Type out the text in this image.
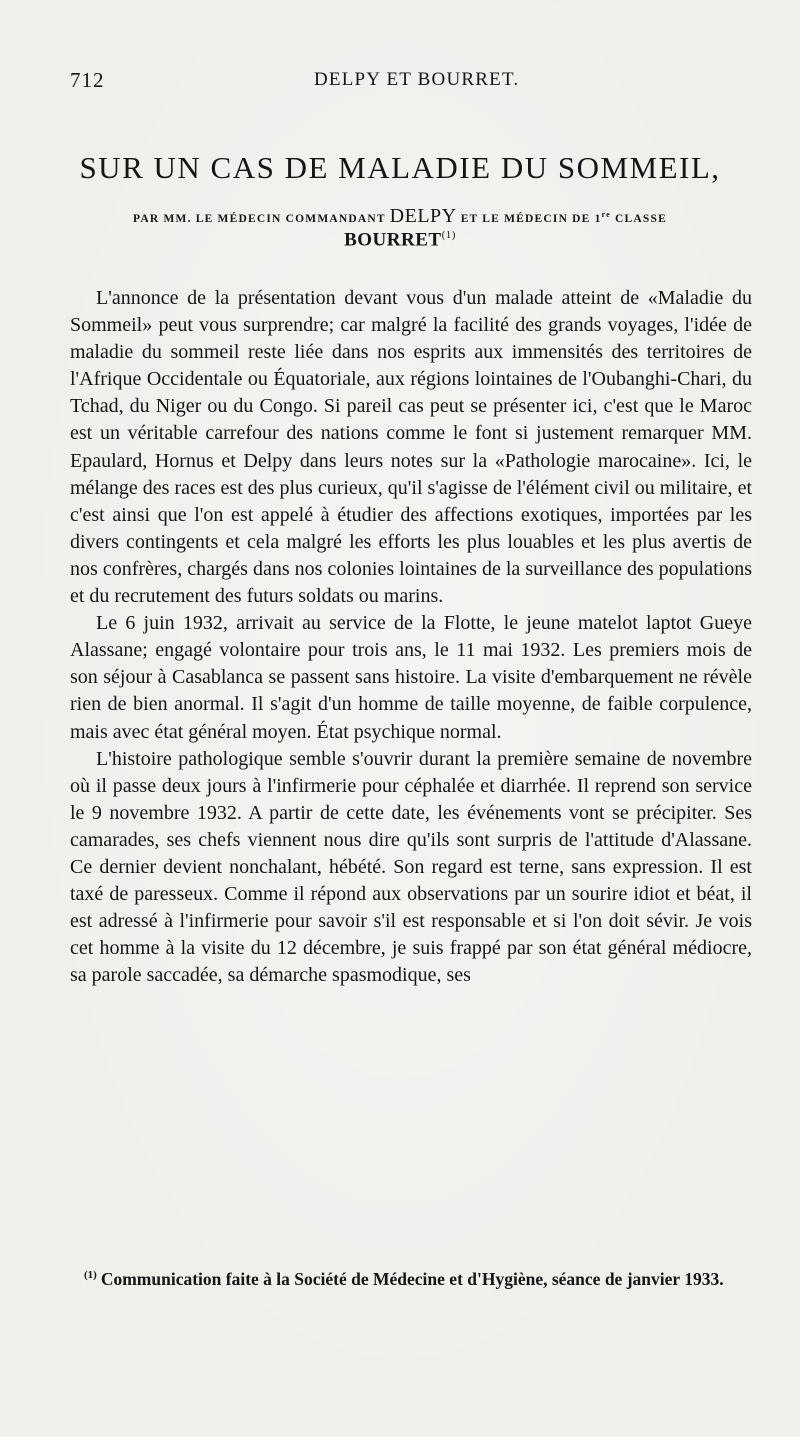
712	DELPY ET BOURRET.
SUR UN CAS DE MALADIE DU SOMMEIL,
PAR MM. LE MÉDECIN COMMANDANT DELPY ET LE MÉDECIN DE 1re CLASSE
BOURRET$^{(1)}$

L'annonce de la présentation devant vous d'un malade atteint de «Maladie du Sommeil» peut vous surprendre; car malgré la facilité des grands voyages, l'idée de maladie du sommeil reste liée dans nos esprits aux immensités des territoires de l'Afrique Occidentale ou Équatoriale, aux régions lointaines de l'Oubanghi-Chari, du Tchad, du Niger ou du Congo. Si pareil cas peut se présenter ici, c'est que le Maroc est un véritable carrefour des nations comme le font si justement remarquer MM. Epaulard, Hornus et Delpy dans leurs notes sur la «Pathologie marocaine». Ici, le mélange des races est des plus curieux, qu'il s'agisse de l'élément civil ou militaire, et c'est ainsi que l'on est appelé à étudier des affections exotiques, importées par les divers contingents et cela malgré les efforts les plus louables et les plus avertis de nos confrères, chargés dans nos colonies lointaines de la surveillance des populations et du recrutement des futurs soldats ou marins.

Le 6 juin 1932, arrivait au service de la Flotte, le jeune matelot laptot Gueye Alassane; engagé volontaire pour trois ans, le 11 mai 1932. Les premiers mois de son séjour à Casablanca se passent sans histoire. La visite d'embarquement ne révèle rien de bien anormal. Il s'agit d'un homme de taille moyenne, de faible corpulence, mais avec état général moyen. État psychique normal.

L'histoire pathologique semble s'ouvrir durant la première semaine de novembre où il passe deux jours à l'infirmerie pour céphalée et diarrhée. Il reprend son service le 9 novembre 1932. A partir de cette date, les événements vont se précipiter. Ses camarades, ses chefs viennent nous dire qu'ils sont surpris de l'attitude d'Alassane. Ce dernier devient nonchalant, hébété. Son regard est terne, sans expression. Il est taxé de paresseux. Comme il répond aux observations par un sourire idiot et béat, il est adressé à l'infirmerie pour savoir s'il est responsable et si l'on doit sévir. Je vois cet homme à la visite du 12 décembre, je suis frappé par son état général médiocre, sa parole saccadée, sa démarche spasmodique, ses

$^{(1)}$ Communication faite à la Société de Médecine et d'Hygiène, séance de janvier 1933.
